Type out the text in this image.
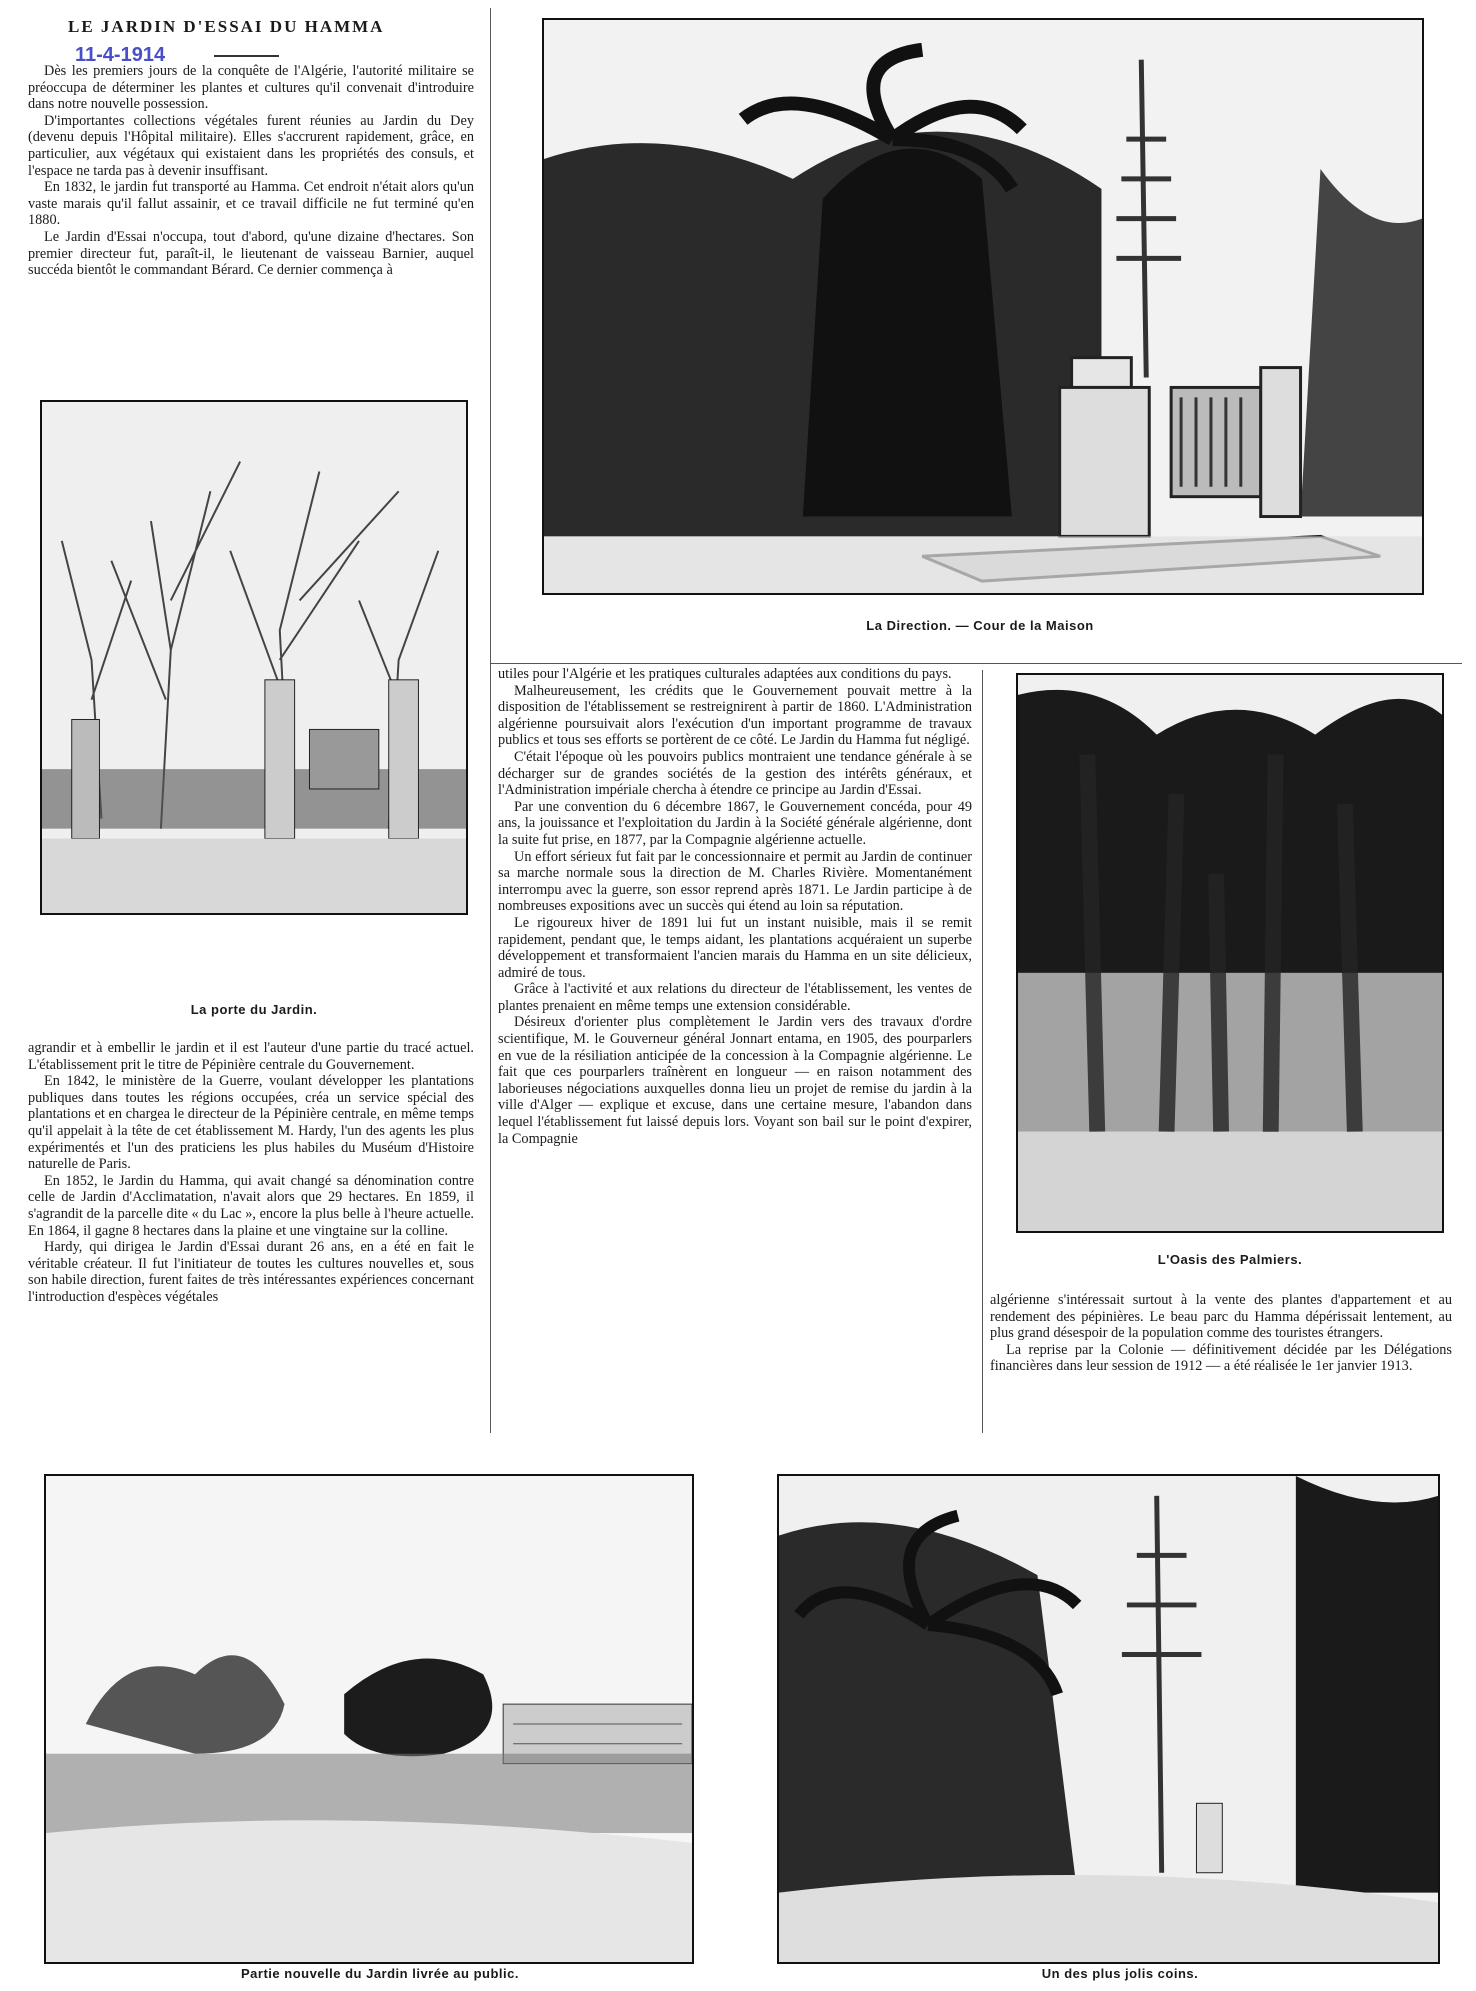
LE JARDIN D'ESSAI DU HAMMA
11-4-1914

Dès les premiers jours de la conquête de l'Algérie, l'autorité militaire se préoccupa de déterminer les plantes et cultures qu'il convenait d'introduire dans notre nouvelle possession.

D'importantes collections végétales furent réunies au Jardin du Dey (devenu depuis l'Hôpital militaire). Elles s'accrurent rapidement, grâce, en particulier, aux végétaux qui existaient dans les propriétés des consuls, et l'espace ne tarda pas à devenir insuffisant.

En 1832, le jardin fut transporté au Hamma. Cet endroit n'était alors qu'un vaste marais qu'il fallut assainir, et ce travail difficile ne fut terminé qu'en 1880.

Le Jardin d'Essai n'occupa, tout d'abord, qu'une dizaine d'hectares. Son premier directeur fut, paraît-il, le lieutenant de vaisseau Barnier, auquel succéda bientôt le commandant Bérard. Ce dernier commença à

La porte du Jardin.

agrandir et à embellir le jardin et il est l'auteur d'une partie du tracé actuel. L'établissement prit le titre de Pépinière centrale du Gouvernement.

En 1842, le ministère de la Guerre, voulant développer les plantations publiques dans toutes les régions occupées, créa un service spécial des plantations et en chargea le directeur de la Pépinière centrale, en même temps qu'il appelait à la tête de cet établissement M. Hardy, l'un des agents les plus expérimentés et l'un des praticiens les plus habiles du Muséum d'Histoire naturelle de Paris.

En 1852, le Jardin du Hamma, qui avait changé sa dénomination contre celle de Jardin d'Acclimatation, n'avait alors que 29 hectares. En 1859, il s'agrandit de la parcelle dite « du Lac », encore la plus belle à l'heure actuelle. En 1864, il gagne 8 hectares dans la plaine et une vingtaine sur la colline.

Hardy, qui dirigea le Jardin d'Essai durant 26 ans, en a été en fait le véritable créateur. Il fut l'initiateur de toutes les cultures nouvelles et, sous son habile direction, furent faites de très intéressantes expériences concernant l'introduction d'espèces végétales

La Direction. — Cour de la Maison

utiles pour l'Algérie et les pratiques culturales adaptées aux conditions du pays.

Malheureusement, les crédits que le Gouvernement pouvait mettre à la disposition de l'établissement se restreignirent à partir de 1860. L'Administration algérienne poursuivait alors l'exécution d'un important programme de travaux publics et tous ses efforts se portèrent de ce côté. Le Jardin du Hamma fut négligé.

C'était l'époque où les pouvoirs publics montraient une tendance générale à se décharger sur de grandes sociétés de la gestion des intérêts généraux, et l'Administration impériale chercha à étendre ce principe au Jardin d'Essai.

Par une convention du 6 décembre 1867, le Gouvernement concéda, pour 49 ans, la jouissance et l'exploitation du Jardin à la Société générale algérienne, dont la suite fut prise, en 1877, par la Compagnie algérienne actuelle.

Un effort sérieux fut fait par le concessionnaire et permit au Jardin de continuer sa marche normale sous la direction de M. Charles Rivière. Momentanément interrompu avec la guerre, son essor reprend après 1871. Le Jardin participe à de nombreuses expositions avec un succès qui étend au loin sa réputation.

Le rigoureux hiver de 1891 lui fut un instant nuisible, mais il se remit rapidement, pendant que, le temps aidant, les plantations acquéraient un superbe développement et transformaient l'ancien marais du Hamma en un site délicieux, admiré de tous.

Grâce à l'activité et aux relations du directeur de l'établissement, les ventes de plantes prenaient en même temps une extension considérable.

Désireux d'orienter plus complètement le Jardin vers des travaux d'ordre scientifique, M. le Gouverneur général Jonnart entama, en 1905, des pourparlers en vue de la résiliation anticipée de la concession à la Compagnie algérienne. Le fait que ces pourparlers traînèrent en longueur — en raison notamment des laborieuses négociations auxquelles donna lieu un projet de remise du jardin à la ville d'Alger — explique et excuse, dans une certaine mesure, l'abandon dans lequel l'établissement fut laissé depuis lors. Voyant son bail sur le point d'expirer, la Compagnie

L'Oasis des Palmiers.

algérienne s'intéressait surtout à la vente des plantes d'appartement et au rendement des pépinières. Le beau parc du Hamma dépérissait lentement, au plus grand désespoir de la population comme des touristes étrangers.

La reprise par la Colonie — définitivement décidée par les Délégations financières dans leur session de 1912 — a été réalisée le 1er janvier 1913.

Partie nouvelle du Jardin livrée au public.	Un des plus jolis coins.
